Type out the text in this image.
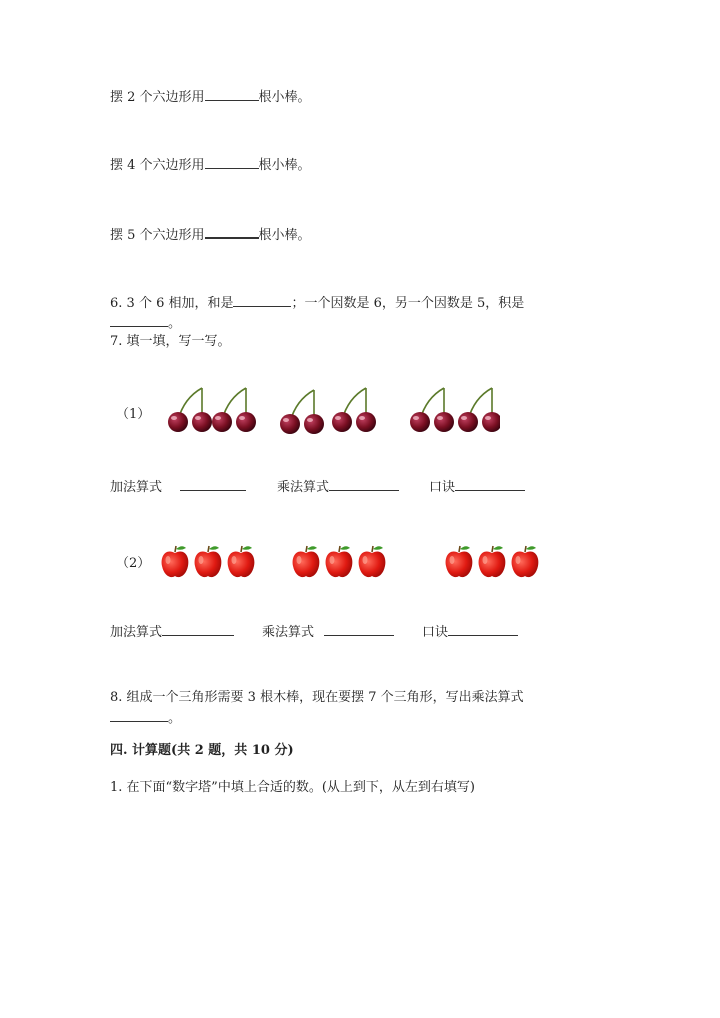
摆 2 个六边形用	根小棒。
摆 4 个六边形用	根小棒。
摆 5 个六边形用	根小棒。
6. 3 个 6 相加，和是	；一个因数是 6，另一个因数是 5，积是
。
7. 填一填，写一写。
（1）
加法算式	乘法算式	口诀
（2）
加法算式	乘法算式	口诀
8. 组成一个三角形需要 3 根木棒，现在要摆 7 个三角形，写出乘法算式
。
四. 计算题(共 2 题，共 10 分)
1. 在下面“数字塔”中填上合适的数。(从上到下，从左到右填写)
